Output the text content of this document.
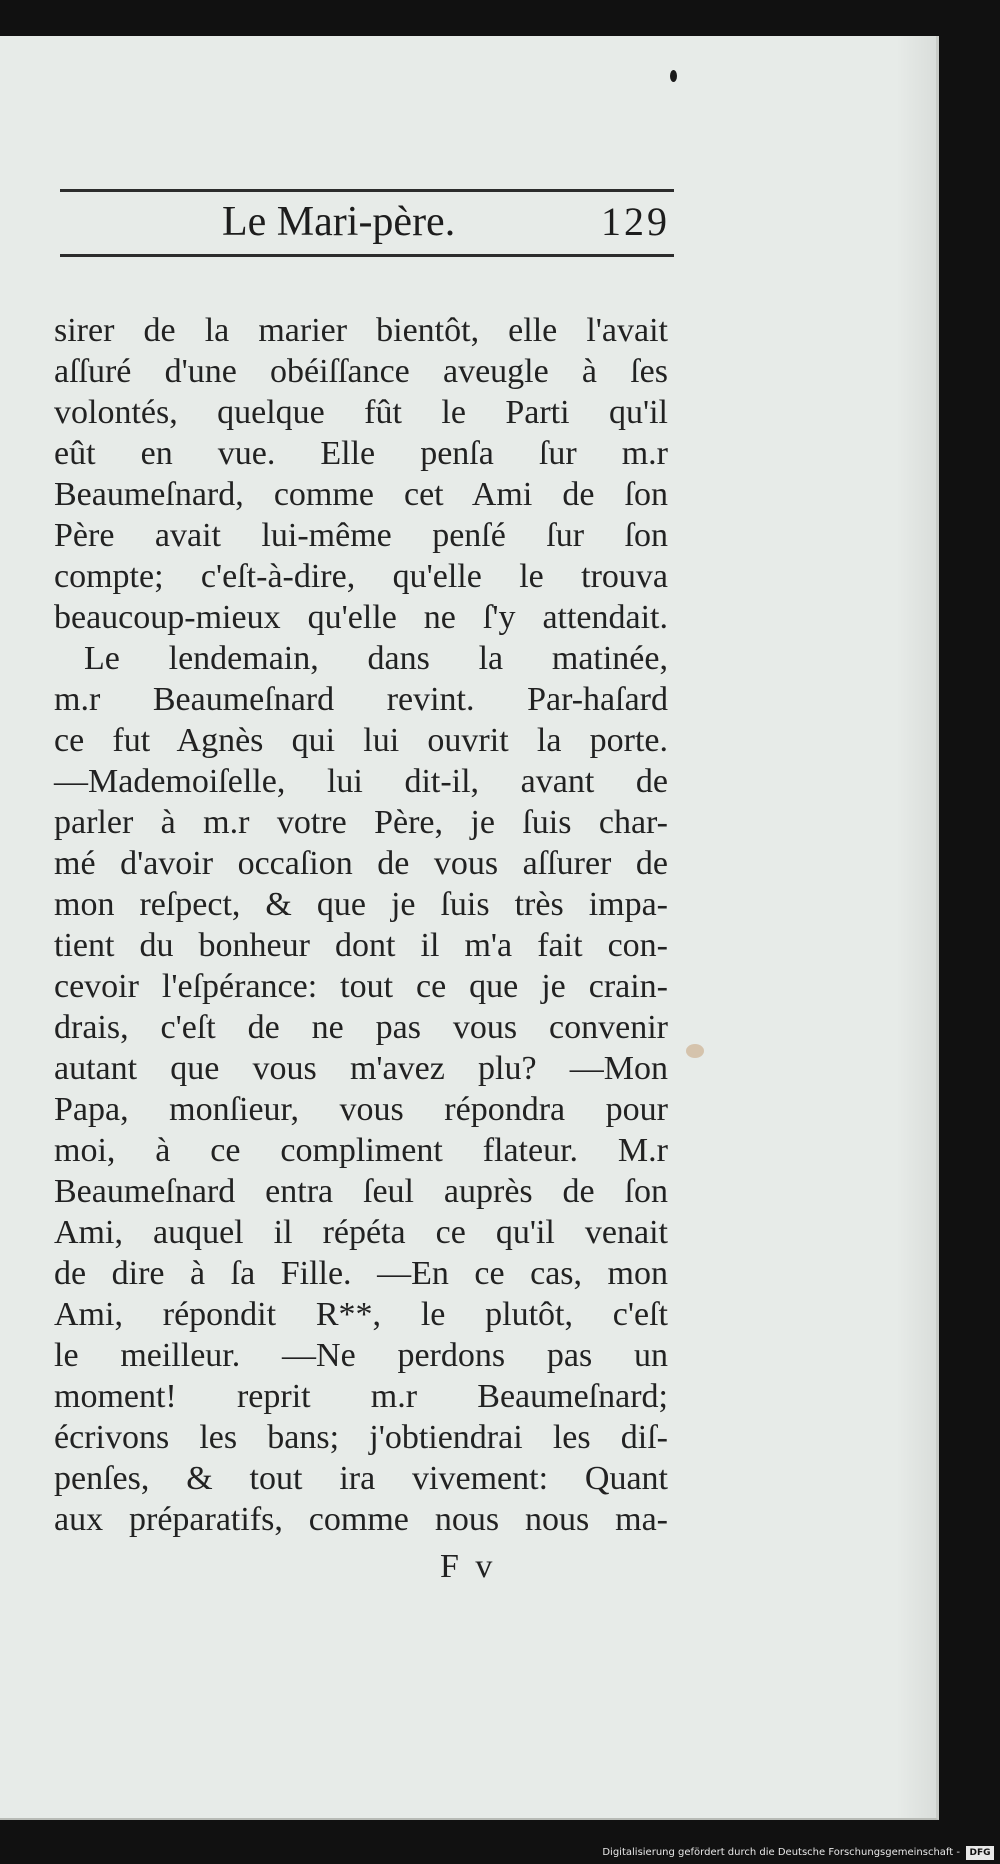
Le Mari-père.	129
sirer de la marier bientôt, elle l'avait
aſſuré d'une obéiſſance aveugle à ſes
volontés, quelque fût le Parti qu'il
eût en vue. Elle penſa ſur m.r
Beaumeſnard, comme cet Ami de ſon
Père avait lui-même penſé ſur ſon
compte; c'eſt-à-dire, qu'elle le trouva
beaucoup-mieux qu'elle ne ſ'y attendait.
Le lendemain, dans la matinée,
m.r Beaumeſnard revint. Par-haſard
ce fut Agnès qui lui ouvrit la porte.
—Mademoiſelle, lui dit-il, avant de
parler à m.r votre Père, je ſuis char-
mé d'avoir occaſion de vous aſſurer de
mon reſpect, & que je ſuis très impa-
tient du bonheur dont il m'a fait con-
cevoir l'eſpérance: tout ce que je crain-
drais, c'eſt de ne pas vous convenir
autant que vous m'avez plu? —Mon
Papa, monſieur, vous répondra pour
moi, à ce compliment flateur. M.r
Beaumeſnard entra ſeul auprès de ſon
Ami, auquel il répéta ce qu'il venait
de dire à ſa Fille. —En ce cas, mon
Ami, répondit R**, le plutôt, c'eſt
le meilleur. —Ne perdons pas un
moment! reprit m.r Beaumeſnard;
écrivons les bans; j'obtiendrai les diſ-
penſes, & tout ira vivement: Quant
aux préparatifs, comme nous nous ma-
F v
Digitalisierung gefördert durch die Deutsche Forschungsgemeinschaft -	DFG
